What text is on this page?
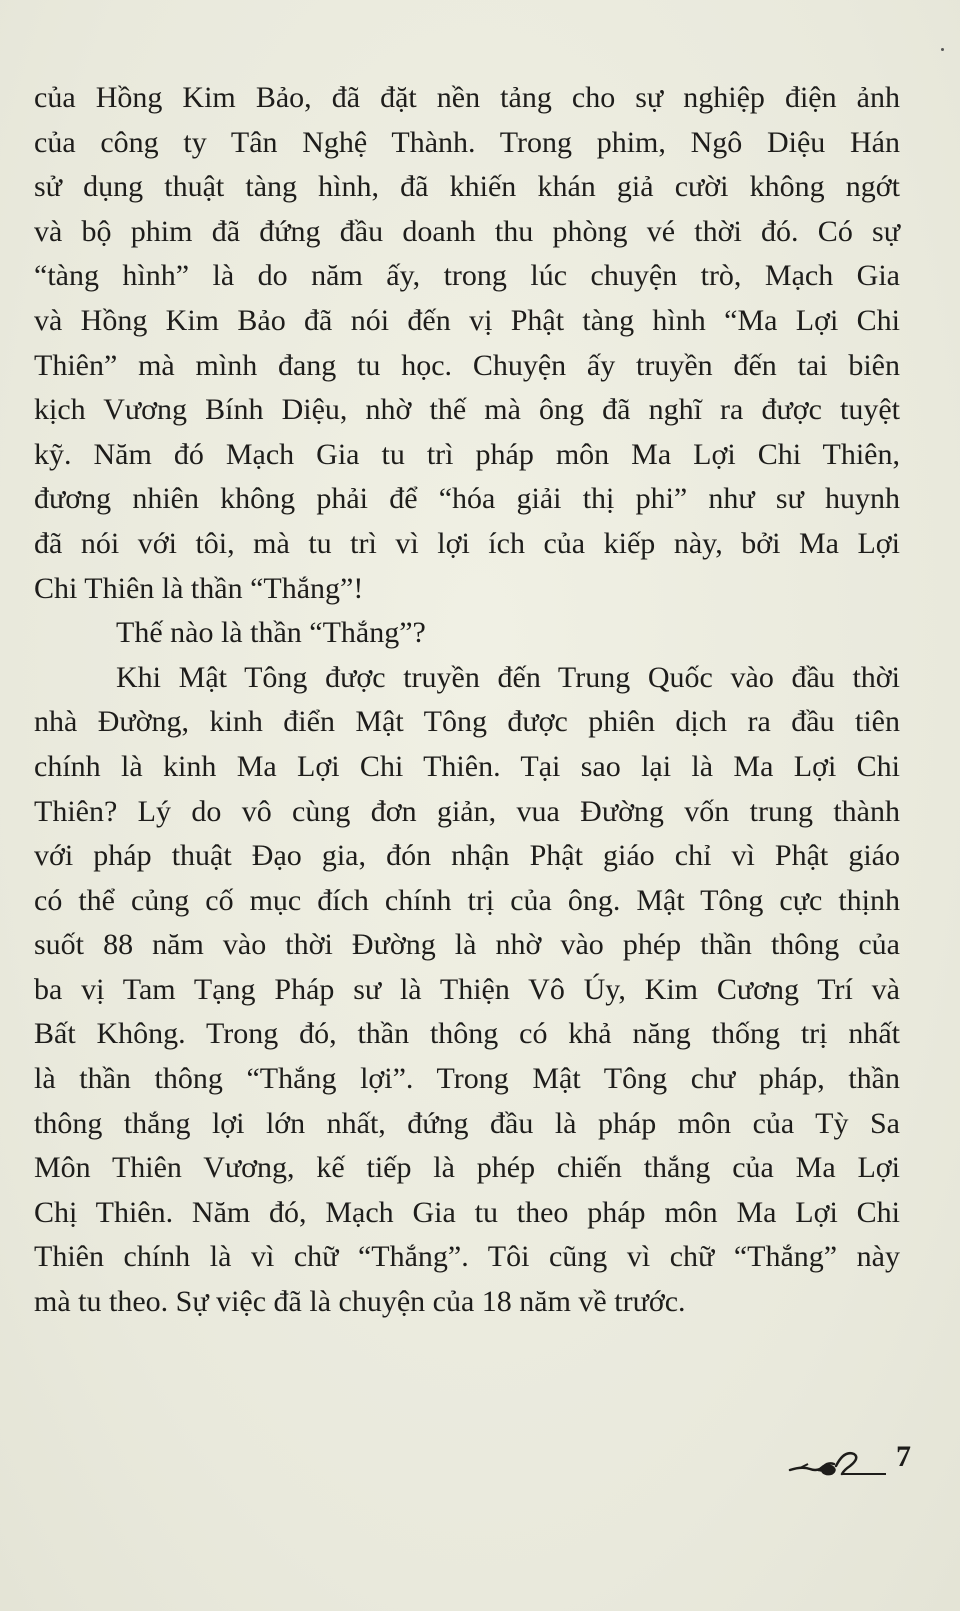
của Hồng Kim Bảo, đã đặt nền tảng cho sự nghiệp điện ảnh
của công ty Tân Nghệ Thành. Trong phim, Ngô Diệu Hán
sử dụng thuật tàng hình, đã khiến khán giả cười không ngớt
và bộ phim đã đứng đầu doanh thu phòng vé thời đó. Có sự
“tàng hình” là do năm ấy, trong lúc chuyện trò, Mạch Gia
và Hồng Kim Bảo đã nói đến vị Phật tàng hình “Ma Lợi Chi
Thiên” mà mình đang tu học. Chuyện ấy truyền đến tai biên
kịch Vương Bính Diệu, nhờ thế mà ông đã nghĩ ra được tuyệt
kỹ. Năm đó Mạch Gia tu trì pháp môn Ma Lợi Chi Thiên,
đương nhiên không phải để “hóa giải thị phi” như sư huynh
đã nói với tôi, mà tu trì vì lợi ích của kiếp này, bởi Ma Lợi
Chi Thiên là thần “Thắng”!
Thế nào là thần “Thắng”?
Khi Mật Tông được truyền đến Trung Quốc vào đầu thời
nhà Đường, kinh điển Mật Tông được phiên dịch ra đầu tiên
chính là kinh Ma Lợi Chi Thiên. Tại sao lại là Ma Lợi Chi
Thiên? Lý do vô cùng đơn giản, vua Đường vốn trung thành
với pháp thuật Đạo gia, đón nhận Phật giáo chỉ vì Phật giáo
có thể củng cố mục đích chính trị của ông. Mật Tông cực thịnh
suốt 88 năm vào thời Đường là nhờ vào phép thần thông của
ba vị Tam Tạng Pháp sư là Thiện Vô Úy, Kim Cương Trí và
Bất Không. Trong đó, thần thông có khả năng thống trị nhất
là thần thông “Thắng lợi”. Trong Mật Tông chư pháp, thần
thông thắng lợi lớn nhất, đứng đầu là pháp môn của Tỳ Sa
Môn Thiên Vương, kế tiếp là phép chiến thắng của Ma Lợi
Chị Thiên. Năm đó, Mạch Gia tu theo pháp môn Ma Lợi Chi
Thiên chính là vì chữ “Thắng”. Tôi cũng vì chữ “Thắng” này
mà tu theo. Sự việc đã là chuyện của 18 năm về trước.
7
